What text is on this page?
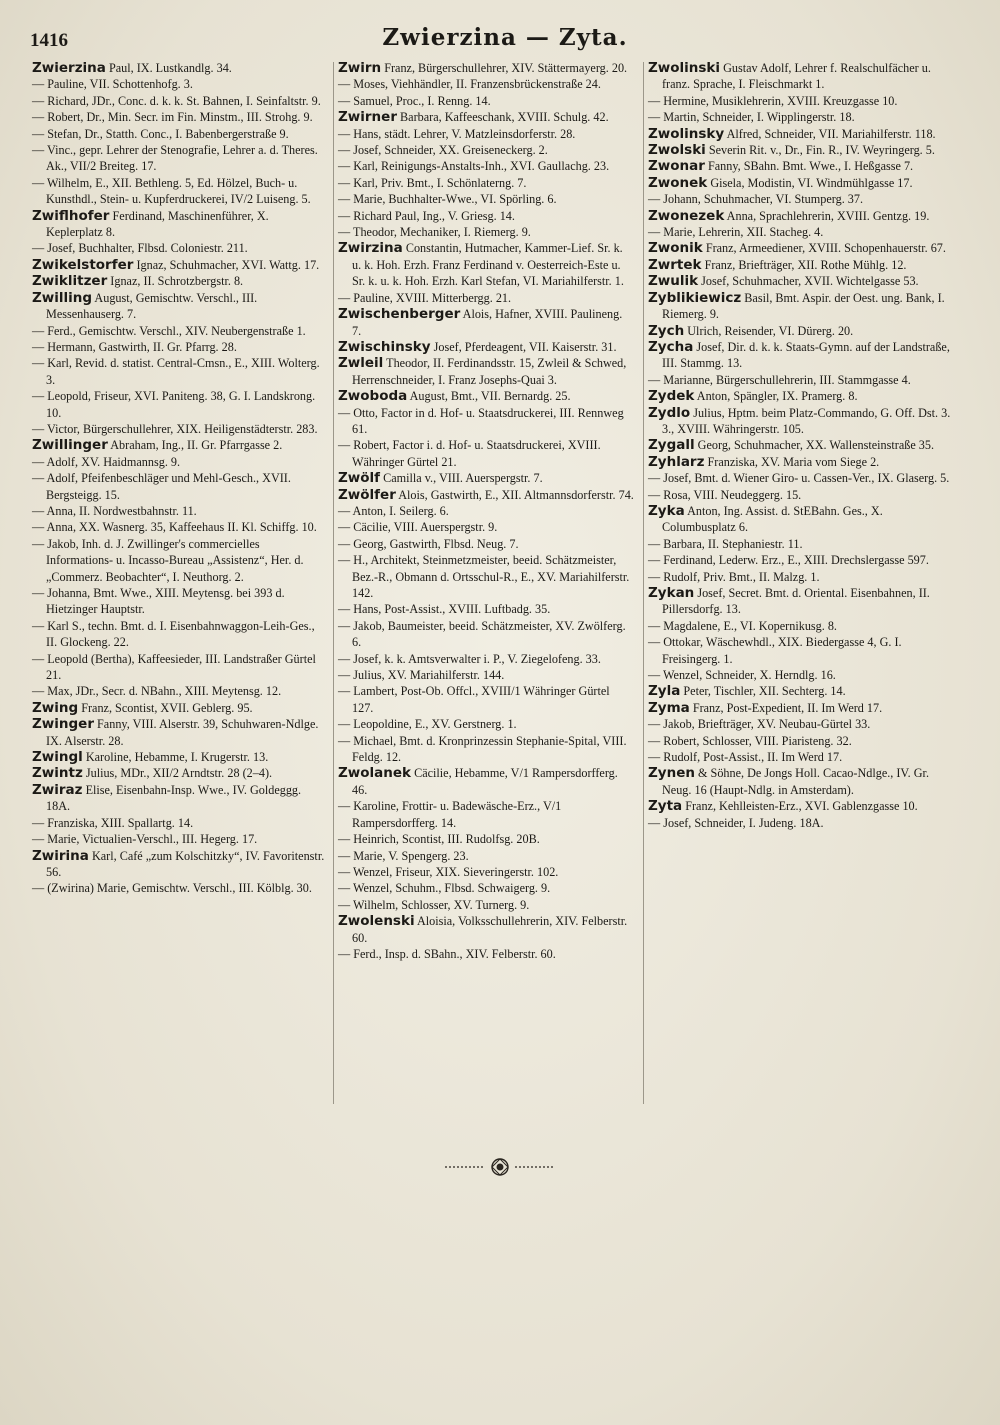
1416	Zwierzina — Zyta.

Zwierzina Paul, IX. Lustkandlg. 34.

— Pauline, VII. Schottenhofg. 3.

— Richard, JDr., Conc. d. k. k. St. Bahnen, I. Seinfaltstr. 9.

— Robert, Dr., Min. Secr. im Fin. Minstm., III. Strohg. 9.

— Stefan, Dr., Statth. Conc., I. Babenbergerstraße 9.

— Vinc., gepr. Lehrer der Stenografie, Lehrer a. d. Theres. Ak., VII/2 Breiteg. 17.

— Wilhelm, E., XII. Bethleng. 5, Ed. Hölzel, Buch- u. Kunsthdl., Stein- u. Kupferdruckerei, IV/2 Luiseng. 5.

Zwiflhofer Ferdinand, Maschinenführer, X. Keplerplatz 8.

— Josef, Buchhalter, Flbsd. Coloniestr. 211.

Zwikelstorfer Ignaz, Schuhmacher, XVI. Wattg. 17.

Zwiklitzer Ignaz, II. Schrotzbergstr. 8.

Zwilling August, Gemischtw. Verschl., III. Messenhauserg. 7.

— Ferd., Gemischtw. Verschl., XIV. Neubergenstraße 1.

— Hermann, Gastwirth, II. Gr. Pfarrg. 28.

— Karl, Revid. d. statist. Central-Cmsn., E., XIII. Wolterg. 3.

— Leopold, Friseur, XVI. Paniteng. 38, G. I. Landskrong. 10.

— Victor, Bürgerschullehrer, XIX. Heiligenstädterstr. 283.

Zwillinger Abraham, Ing., II. Gr. Pfarrgasse 2.

— Adolf, XV. Haidmannsg. 9.

— Adolf, Pfeifenbeschläger und Mehl-Gesch., XVII. Bergsteigg. 15.

— Anna, II. Nordwestbahnstr. 11.

— Anna, XX. Wasnerg. 35, Kaffeehaus II. Kl. Schiffg. 10.

— Jakob, Inh. d. J. Zwillinger's commercielles Informations- u. Incasso-Bureau „Assistenz“, Her. d. „Commerz. Beobachter“, I. Neuthorg. 2.

— Johanna, Bmt. Wwe., XIII. Meytensg. bei 393 d. Hietzinger Hauptstr.

— Karl S., techn. Bmt. d. I. Eisenbahnwaggon-Leih-Ges., II. Glockeng. 22.

— Leopold (Bertha), Kaffeesieder, III. Landstraßer Gürtel 21.

— Max, JDr., Secr. d. NBahn., XIII. Meytensg. 12.

Zwing Franz, Scontist, XVII. Geblerg. 95.

Zwinger Fanny, VIII. Alserstr. 39, Schuhwaren-Ndlge. IX. Alserstr. 28.

Zwingl Karoline, Hebamme, I. Krugerstr. 13.

Zwintz Julius, MDr., XII/2 Arndtstr. 28 (2–4).

Zwiraz Elise, Eisenbahn-Insp. Wwe., IV. Goldeggg. 18A.

— Franziska, XIII. Spallartg. 14.

— Marie, Victualien-Verschl., III. Hegerg. 17.

Zwirina Karl, Café „zum Kolschitzky“, IV. Favoritenstr. 56.

— (Zwirina) Marie, Gemischtw. Verschl., III. Kölblg. 30.

Zwirn Franz, Bürgerschullehrer, XIV. Stättermayerg. 20.

— Moses, Viehhändler, II. Franzensbrückenstraße 24.

— Samuel, Proc., I. Renng. 14.

Zwirner Barbara, Kaffeeschank, XVIII. Schulg. 42.

— Hans, städt. Lehrer, V. Matzleinsdorferstr. 28.

— Josef, Schneider, XX. Greiseneckerg. 2.

— Karl, Reinigungs-Anstalts-Inh., XVI. Gaullachg. 23.

— Karl, Priv. Bmt., I. Schönlaterng. 7.

— Marie, Buchhalter-Wwe., VI. Spörling. 6.

— Richard Paul, Ing., V. Griesg. 14.

— Theodor, Mechaniker, I. Riemerg. 9.

Zwirzina Constantin, Hutmacher, Kammer-Lief. Sr. k. u. k. Hoh. Erzh. Franz Ferdinand v. Oesterreich-Este u. Sr. k. u. k. Hoh. Erzh. Karl Stefan, VI. Mariahilferstr. 1.

— Pauline, XVIII. Mitterbergg. 21.

Zwischenberger Alois, Hafner, XVIII. Paulineng. 7.

Zwischinsky Josef, Pferdeagent, VII. Kaiserstr. 31.

Zwleil Theodor, II. Ferdinandsstr. 15, Zwleil & Schwed, Herrenschneider, I. Franz Josephs-Quai 3.

Zwoboda August, Bmt., VII. Bernardg. 25.

— Otto, Factor in d. Hof- u. Staatsdruckerei, III. Rennweg 61.

— Robert, Factor i. d. Hof- u. Staatsdruckerei, XVIII. Währinger Gürtel 21.

Zwölf Camilla v., VIII. Auerspergstr. 7.

Zwölfer Alois, Gastwirth, E., XII. Altmannsdorferstr. 74.

— Anton, I. Seilerg. 6.

— Cäcilie, VIII. Auerspergstr. 9.

— Georg, Gastwirth, Flbsd. Neug. 7.

— H., Architekt, Steinmetzmeister, beeid. Schätzmeister, Bez.-R., Obmann d. Ortsschul-R., E., XV. Mariahilferstr. 142.

— Hans, Post-Assist., XVIII. Luftbadg. 35.

— Jakob, Baumeister, beeid. Schätzmeister, XV. Zwölferg. 6.

— Josef, k. k. Amtsverwalter i. P., V. Ziegelofeng. 33.

— Julius, XV. Mariahilferstr. 144.

— Lambert, Post-Ob. Offcl., XVIII/1 Währinger Gürtel 127.

— Leopoldine, E., XV. Gerstnerg. 1.

— Michael, Bmt. d. Kronprinzessin Stephanie-Spital, VIII. Feldg. 12.

Zwolanek Cäcilie, Hebamme, V/1 Rampersdorfferg. 46.

— Karoline, Frottir- u. Badewäsche-Erz., V/1 Rampersdorfferg. 14.

— Heinrich, Scontist, III. Rudolfsg. 20B.

— Marie, V. Spengerg. 23.

— Wenzel, Friseur, XIX. Sieveringerstr. 102.

— Wenzel, Schuhm., Flbsd. Schwaigerg. 9.

— Wilhelm, Schlosser, XV. Turnerg. 9.

Zwolenski Aloisia, Volksschullehrerin, XIV. Felberstr. 60.

— Ferd., Insp. d. SBahn., XIV. Felberstr. 60.

Zwolinski Gustav Adolf, Lehrer f. Realschulfächer u. franz. Sprache, I. Fleischmarkt 1.

— Hermine, Musiklehrerin, XVIII. Kreuzgasse 10.

— Martin, Schneider, I. Wipplingerstr. 18.

Zwolinsky Alfred, Schneider, VII. Mariahilferstr. 118.

Zwolski Severin Rit. v., Dr., Fin. R., IV. Weyringerg. 5.

Zwonar Fanny, SBahn. Bmt. Wwe., I. Heßgasse 7.

Zwonek Gisela, Modistin, VI. Windmühlgasse 17.

— Johann, Schuhmacher, VI. Stumperg. 37.

Zwonezek Anna, Sprachlehrerin, XVIII. Gentzg. 19.

— Marie, Lehrerin, XII. Stacheg. 4.

Zwonik Franz, Armeediener, XVIII. Schopenhauerstr. 67.

Zwrtek Franz, Briefträger, XII. Rothe Mühlg. 12.

Zwulik Josef, Schuhmacher, XVII. Wichtelgasse 53.

Zyblikiewicz Basil, Bmt. Aspir. der Oest. ung. Bank, I. Riemerg. 9.

Zych Ulrich, Reisender, VI. Dürerg. 20.

Zycha Josef, Dir. d. k. k. Staats-Gymn. auf der Landstraße, III. Stammg. 13.

— Marianne, Bürgerschullehrerin, III. Stammgasse 4.

Zydek Anton, Spängler, IX. Pramerg. 8.

Zydlo Julius, Hptm. beim Platz-Commando, G. Off. Dst. 3. 3., XVIII. Währingerstr. 105.

Zygall Georg, Schuhmacher, XX. Wallensteinstraße 35.

Zyhlarz Franziska, XV. Maria vom Siege 2.

— Josef, Bmt. d. Wiener Giro- u. Cassen-Ver., IX. Glaserg. 5.

— Rosa, VIII. Neudeggerg. 15.

Zyka Anton, Ing. Assist. d. StEBahn. Ges., X. Columbusplatz 6.

— Barbara, II. Stephaniestr. 11.

— Ferdinand, Lederw. Erz., E., XIII. Drechslergasse 597.

— Rudolf, Priv. Bmt., II. Malzg. 1.

Zykan Josef, Secret. Bmt. d. Oriental. Eisenbahnen, II. Pillersdorfg. 13.

— Magdalene, E., VI. Kopernikusg. 8.

— Ottokar, Wäschewhdl., XIX. Biedergasse 4, G. I. Freisingerg. 1.

— Wenzel, Schneider, X. Herndlg. 16.

Zyla Peter, Tischler, XII. Sechterg. 14.

Zyma Franz, Post-Expedient, II. Im Werd 17.

— Jakob, Briefträger, XV. Neubau-Gürtel 33.

— Robert, Schlosser, VIII. Piaristeng. 32.

— Rudolf, Post-Assist., II. Im Werd 17.

Zynen & Söhne, De Jongs Holl. Cacao-Ndlge., IV. Gr. Neug. 16 (Haupt-Ndlg. in Amsterdam).

Zyta Franz, Kehlleisten-Erz., XVI. Gablenzgasse 10.

— Josef, Schneider, I. Judeng. 18A.
